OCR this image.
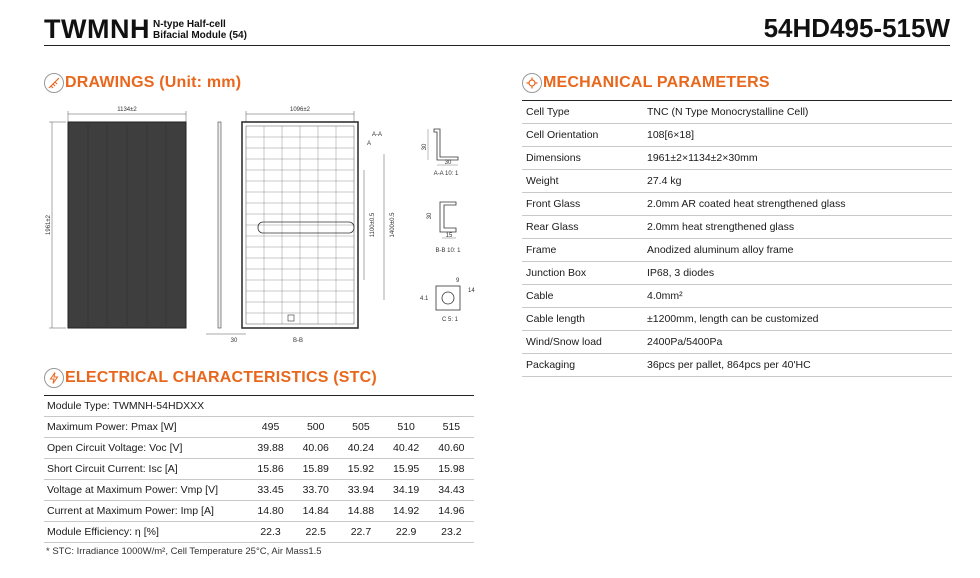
TWMNH N-type Half-cell
Bifacial Module (54)	54HD495-515W
DRAWINGS (Unit: mm)
1134±2
1961±2
1096±2
1100±0.5 1400±0.5
30	B-B
A-A
A	30
30
A-A 10: 1
30
15
B-B 10: 1
9
14
4.1
C 5: 1
MECHANICAL PARAMETERS
Cell Type	TNC (N Type Monocrystalline Cell)
Cell Orientation	108[6×18]
Dimensions	1961±2×1134±2×30mm
Weight	27.4 kg
Front Glass	2.0mm AR coated heat strengthened glass
Rear Glass	2.0mm heat strengthened glass
Frame	Anodized aluminum alloy frame
Junction Box	IP68, 3 diodes
Cable	4.0mm²
Cable length	±1200mm, length can be customized
Wind/Snow load	2400Pa/5400Pa
Packaging	36pcs per pallet, 864pcs per 40'HC
ELECTRICAL CHARACTERISTICS (STC)
Module Type: TWMNH-54HDXXX					
Maximum Power: Pmax [W]	495	500	505	510	515
Open Circuit Voltage: Voc [V]	39.88	40.06	40.24	40.42	40.60
Short Circuit Current: Isc [A]	15.86	15.89	15.92	15.95	15.98
Voltage at Maximum Power: Vmp [V]	33.45	33.70	33.94	34.19	34.43
Current at Maximum Power: Imp [A]	14.80	14.84	14.88	14.92	14.96
Module Efficiency: η [%]	22.3	22.5	22.7	22.9	23.2
* STC: Irradiance 1000W/m², Cell Temperature 25°C, Air Mass1.5
